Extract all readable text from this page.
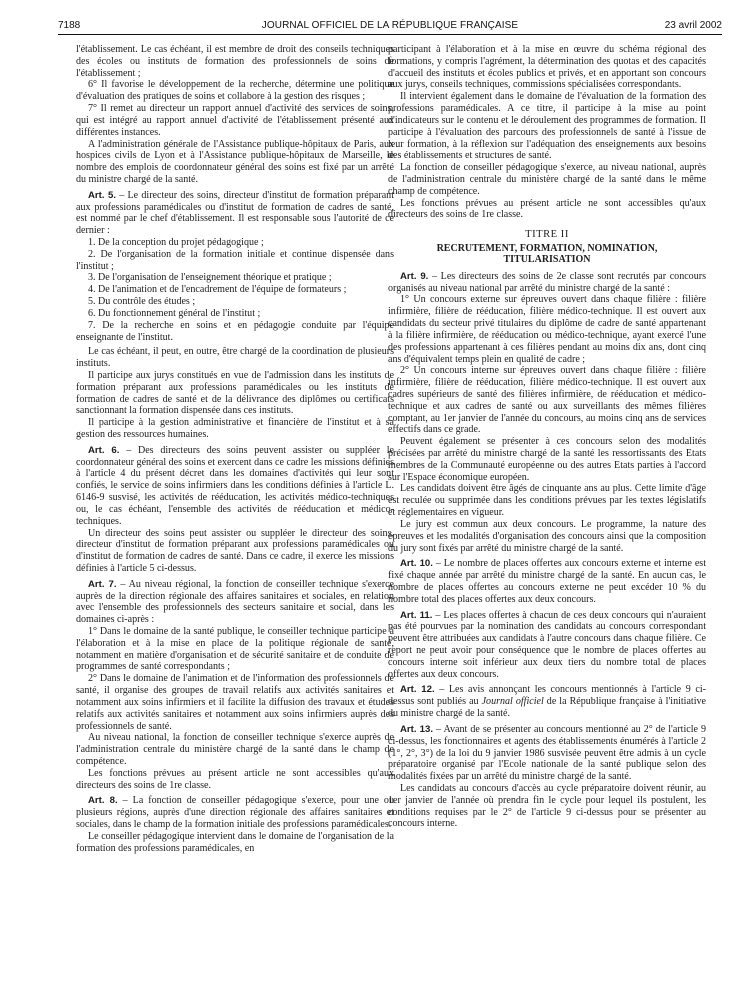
7188	JOURNAL OFFICIEL DE LA RÉPUBLIQUE FRANÇAISE	23 avril 2002

l'établissement. Le cas échéant, il est membre de droit des conseils techniques des écoles ou instituts de formation des professionnels de soins de l'établissement ;

6° Il favorise le développement de la recherche, détermine une politique d'évaluation des pratiques de soins et collabore à la gestion des risques ;

7° Il remet au directeur un rapport annuel d'activité des services de soins, qui est intégré au rapport annuel d'activité de l'établissement présenté aux différentes instances.

A l'administration générale de l'Assistance publique-hôpitaux de Paris, aux hospices civils de Lyon et à l'Assistance publique-hôpitaux de Marseille, le nombre des emplois de coordonnateur général des soins est fixé par un arrêté du ministre chargé de la santé.

Art. 5. – Le directeur des soins, directeur d'institut de formation préparant aux professions paramédicales ou d'institut de formation de cadres de santé, est nommé par le chef d'établissement. Il est responsable sous l'autorité de ce dernier :

1. De la conception du projet pédagogique ;

2. De l'organisation de la formation initiale et continue dispensée dans l'institut ;

3. De l'organisation de l'enseignement théorique et pratique ;

4. De l'animation et de l'encadrement de l'équipe de formateurs ;

5. Du contrôle des études ;

6. Du fonctionnement général de l'institut ;

7. De la recherche en soins et en pédagogie conduite par l'équipe enseignante de l'institut.

Le cas échéant, il peut, en outre, être chargé de la coordination de plusieurs instituts.

Il participe aux jurys constitués en vue de l'admission dans les instituts de formation préparant aux professions paramédicales ou les instituts de formation de cadres de santé et de la délivrance des diplômes ou certificats sanctionnant la formation dispensée dans ces instituts.

Il participe à la gestion administrative et financière de l'institut et à sa gestion des ressources humaines.

Art. 6. – Des directeurs des soins peuvent assister ou suppléer le coordonnateur général des soins et exercent dans ce cadre les missions définies à l'article 4 du présent décret dans les domaines d'activités qui leur sont confiés, le service de soins infirmiers dans les conditions définies à l'article L. 6146-9 susvisé, les activités de rééducation, les activités médico-techniques ou, le cas échéant, l'ensemble des activités de rééducation et médico-techniques.

Un directeur des soins peut assister ou suppléer le directeur des soins, directeur d'institut de formation préparant aux professions paramédicales ou d'institut de formation de cadres de santé. Dans ce cadre, il exerce les missions définies à l'article 5 ci-dessus.

Art. 7. – Au niveau régional, la fonction de conseiller technique s'exerce auprès de la direction régionale des affaires sanitaires et sociales, en relation avec l'ensemble des professionnels des secteurs sanitaire et social, dans les domaines ci-après :

1° Dans le domaine de la santé publique, le conseiller technique participe à l'élaboration et à la mise en place de la politique régionale de santé, notamment en matière d'organisation et de sécurité sanitaire et de conduite de programmes de santé correspondants ;

2° Dans le domaine de l'animation et de l'information des professionnels de santé, il organise des groupes de travail relatifs aux activités sanitaires et notamment aux soins infirmiers et il facilite la diffusion des travaux et études relatifs aux activités sanitaires et notamment aux soins infirmiers auprès des professionnels de santé.

Au niveau national, la fonction de conseiller technique s'exerce auprès de l'administration centrale du ministère chargé de la santé dans le champ de compétence.

Les fonctions prévues au présent article ne sont accessibles qu'aux directeurs des soins de 1re classe.

Art. 8. – La fonction de conseiller pédagogique s'exerce, pour une ou plusieurs régions, auprès d'une direction régionale des affaires sanitaires et sociales, dans le champ de la formation initiale des professions paramédicales.

Le conseiller pédagogique intervient dans le domaine de l'organisation de la formation des professions paramédicales, en

participant à l'élaboration et à la mise en œuvre du schéma régional des formations, y compris l'agrément, la détermination des quotas et des capacités d'accueil des instituts et écoles publics et privés, et en apportant son concours aux jurys, conseils techniques, commissions spécialisées correspondants.

Il intervient également dans le domaine de l'évaluation de la formation des professions paramédicales. A ce titre, il participe à la mise au point d'indicateurs sur le contenu et le déroulement des programmes de formation. Il participe à l'évaluation des parcours des professionnels de santé à l'issue de leur formation, à la réflexion sur l'adéquation des enseignements aux besoins des établissements et structures de santé.

La fonction de conseiller pédagogique s'exerce, au niveau national, auprès de l'administration centrale du ministère chargé de la santé dans le même champ de compétence.

Les fonctions prévues au présent article ne sont accessibles qu'aux directeurs des soins de 1re classe.

TITRE II
RECRUTEMENT, FORMATION, NOMINATION,
TITULARISATION

Art. 9. – Les directeurs des soins de 2e classe sont recrutés par concours organisés au niveau national par arrêté du ministre chargé de la santé :

1° Un concours externe sur épreuves ouvert dans chaque filière : filière infirmière, filière de rééducation, filière médico-technique. Il est ouvert aux candidats du secteur privé titulaires du diplôme de cadre de santé appartenant à la filière infirmière, de rééducation ou médico-technique, ayant exercé l'une des professions appartenant à ces filières pendant au moins dix ans, dont cinq ans d'équivalent temps plein en qualité de cadre ;

2° Un concours interne sur épreuves ouvert dans chaque filière : filière infirmière, filière de rééducation, filière médico-technique. Il est ouvert aux cadres supérieurs de santé des filières infirmière, de rééducation et médico-technique et aux cadres de santé ou aux surveillants des mêmes filières comptant, au 1er janvier de l'année du concours, au moins cinq ans de services effectifs dans ce grade.

Peuvent également se présenter à ces concours selon des modalités précisées par arrêté du ministre chargé de la santé les ressortissants des Etats membres de la Communauté européenne ou des autres Etats parties à l'accord sur l'Espace économique européen.

Les candidats doivent être âgés de cinquante ans au plus. Cette limite d'âge est reculée ou supprimée dans les conditions prévues par les textes législatifs et réglementaires en vigueur.

Le jury est commun aux deux concours. Le programme, la nature des épreuves et les modalités d'organisation des concours ainsi que la composition du jury sont fixés par arrêté du ministre chargé de la santé.

Art. 10. – Le nombre de places offertes aux concours externe et interne est fixé chaque année par arrêté du ministre chargé de la santé. En aucun cas, le nombre de places offertes au concours externe ne peut excéder 10 % du nombre total des places offertes aux deux concours.

Art. 11. – Les places offertes à chacun de ces deux concours qui n'auraient pas été pourvues par la nomination des candidats au concours correspondant peuvent être attribuées aux candidats à l'autre concours dans chaque filière. Ce report ne peut avoir pour conséquence que le nombre de places offertes au concours interne soit inférieur aux deux tiers du nombre total de places offertes aux deux concours.

Art. 12. – Les avis annonçant les concours mentionnés à l'article 9 ci-dessus sont publiés au Journal officiel de la République française à l'initiative du ministre chargé de la santé.

Art. 13. – Avant de se présenter au concours mentionné au 2° de l'article 9 ci-dessus, les fonctionnaires et agents des établissements énumérés à l'article 2 (1°, 2°, 3°) de la loi du 9 janvier 1986 susvisée peuvent être admis à un cycle préparatoire organisé par l'Ecole nationale de la santé publique selon des modalités fixées par un arrêté du ministre chargé de la santé.

Les candidats au concours d'accès au cycle préparatoire doivent réunir, au 1er janvier de l'année où prendra fin le cycle pour lequel ils postulent, les conditions requises par le 2° de l'article 9 ci-dessus pour se présenter au concours interne.
